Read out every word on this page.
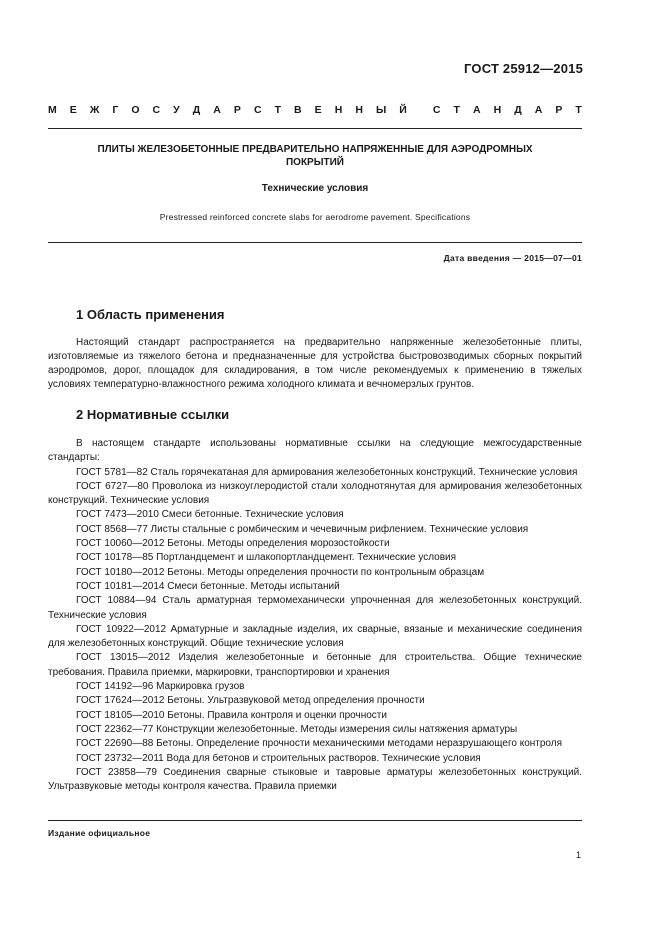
ГОСТ 25912—2015
М Е Ж Г О С У Д А Р С Т В Е Н Н Ы Й С Т А Н Д А Р Т
ПЛИТЫ ЖЕЛЕЗОБЕТОННЫЕ ПРЕДВАРИТЕЛЬНО НАПРЯЖЕННЫЕ ДЛЯ АЭРОДРОМНЫХ
ПОКРЫТИЙ
Технические условия
Prestressed reinforced concrete slabs for aerodrome pavement. Specifications
Дата введения — 2015—07—01
1 Область применения
Настоящий стандарт распространяется на предварительно напряженные железобетонные плиты, изготовляемые из тяжелого бетона и предназначенные для устройства быстровозводимых сборных покрытий аэродромов, дорог, площадок для складирования, в том числе рекомендуемых к применению в тяжелых условиях температурно-влажностного режима холодного климата и вечномерзлых грунтов.
2 Нормативные ссылки
В настоящем стандарте использованы нормативные ссылки на следующие межгосударственные стандарты:
ГОСТ 5781—82 Сталь горячекатаная для армирования железобетонных конструкций. Технические условия
ГОСТ 6727—80 Проволока из низкоуглеродистой стали холоднотянутая для армирования железобетонных конструкций. Технические условия
ГОСТ 7473—2010 Смеси бетонные. Технические условия
ГОСТ 8568—77 Листы стальные с ромбическим и чечевичным рифлением. Технические условия
ГОСТ 10060—2012 Бетоны. Методы определения морозостойкости
ГОСТ 10178—85 Портландцемент и шлакопортландцемент. Технические условия
ГОСТ 10180—2012 Бетоны. Методы определения прочности по контрольным образцам
ГОСТ 10181—2014 Смеси бетонные. Методы испытаний
ГОСТ 10884—94 Сталь арматурная термомеханически упрочненная для железобетонных конструкций. Технические условия
ГОСТ 10922—2012 Арматурные и закладные изделия, их сварные, вязаные и механические соединения для железобетонных конструкций. Общие технические условия
ГОСТ 13015—2012 Изделия железобетонные и бетонные для строительства. Общие технические требования. Правила приемки, маркировки, транспортировки и хранения
ГОСТ 14192—96 Маркировка грузов
ГОСТ 17624—2012 Бетоны. Ультразвуковой метод определения прочности
ГОСТ 18105—2010 Бетоны. Правила контроля и оценки прочности
ГОСТ 22362—77 Конструкции железобетонные. Методы измерения силы натяжения арматуры
ГОСТ 22690—88 Бетоны. Определение прочности механическими методами неразрушающего контроля
ГОСТ 23732—2011 Вода для бетонов и строительных растворов. Технические условия
ГОСТ 23858—79 Соединения сварные стыковые и тавровые арматуры железобетонных конструкций. Ультразвуковые методы контроля качества. Правила приемки
Издание официальное
1
